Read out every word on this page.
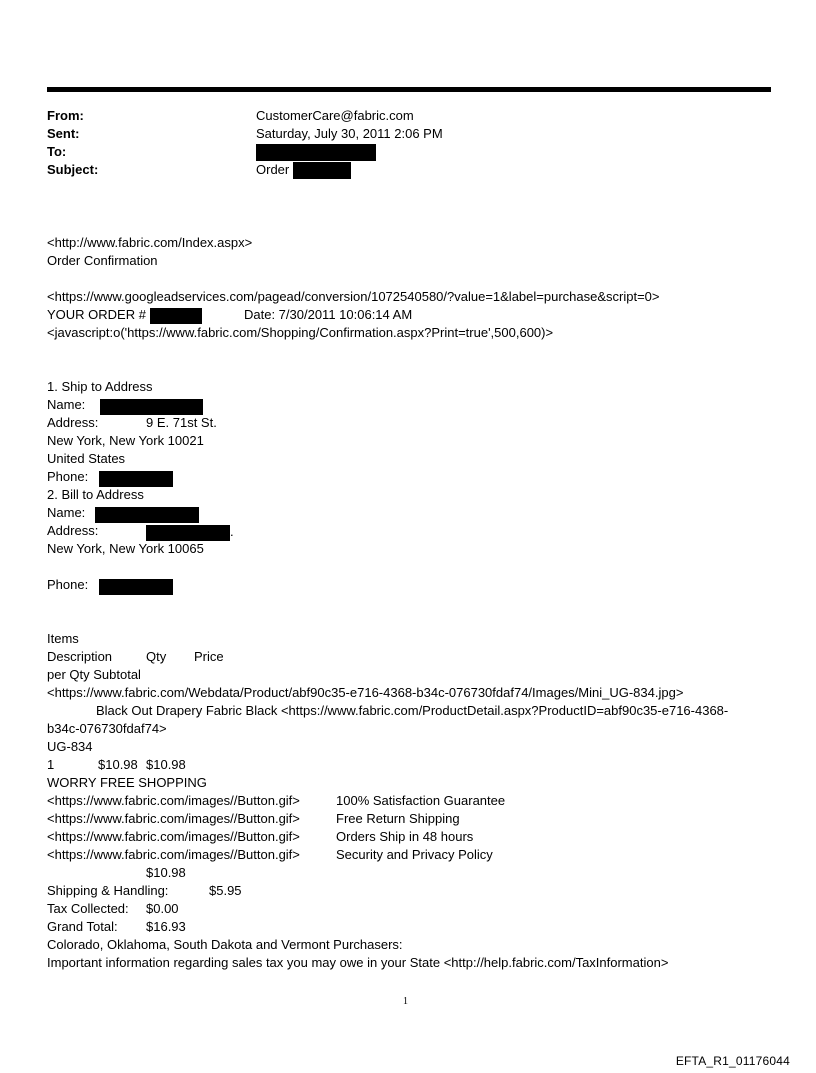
From:	CustomerCare@fabric.com
Sent:	Saturday, July 30, 2011 2:06 PM
To:
Subject:	Order
<http://www.fabric.com/Index.aspx>
Order Confirmation
<https://www.googleadservices.com/pagead/conversion/1072540580/?value=1&label=purchase&script=0>
YOUR ORDER #	Date: 7/30/2011 10:06:14 AM
<javascript:o('https://www.fabric.com/Shopping/Confirmation.aspx?Print=true',500,600)>
1. Ship to Address
Name:
Address:	9 E. 71st St.
New York, New York 10021
United States
Phone:
2. Bill to Address
Name:
Address:	.
New York, New York 10065
Phone:
Items
Description	Qty Price
per Qty Subtotal
<https://www.fabric.com/Webdata/Product/abf90c35-e716-4368-b34c-076730fdaf74/Images/Mini_UG-834.jpg>
Black Out Drapery Fabric Black <https://www.fabric.com/ProductDetail.aspx?ProductID=abf90c35-e716-4368-
b34c-076730fdaf74>
UG-834
1	$10.98 $10.98
WORRY FREE SHOPPING
<https://www.fabric.com/images//Button.gif>	100% Satisfaction Guarantee
<https://www.fabric.com/images//Button.gif>	Free Return Shipping
<https://www.fabric.com/images//Button.gif>	Orders Ship in 48 hours
<https://www.fabric.com/images//Button.gif>	Security and Privacy Policy
$10.98
Shipping & Handling:	$5.95
Tax Collected: $0.00
Grand Total: $16.93
Colorado, Oklahoma, South Dakota and Vermont Purchasers:
Important information regarding sales tax you may owe in your State <http://help.fabric.com/TaxInformation>
1
EFTA_R1_01176044
